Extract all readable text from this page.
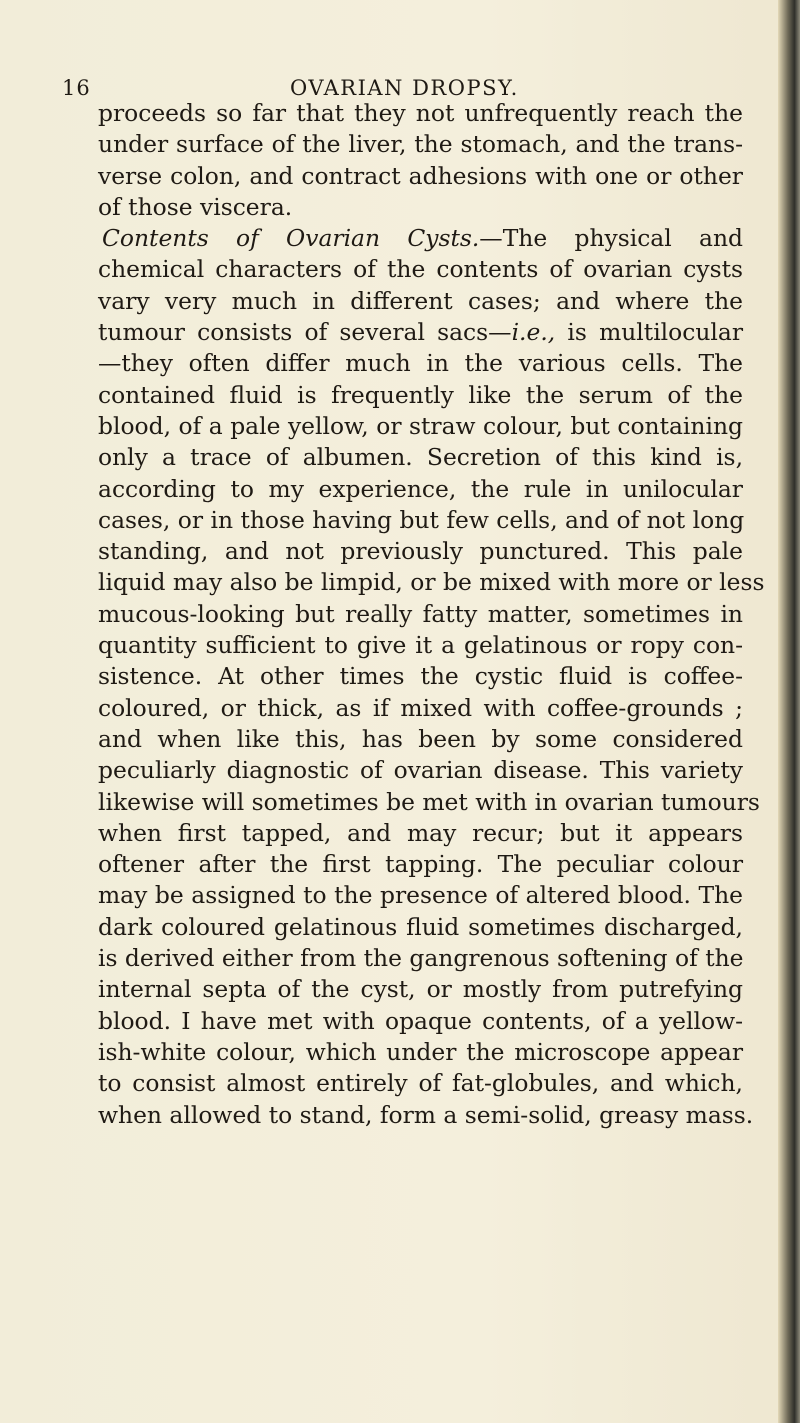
16	OVARIAN DROPSY.
proceeds so far that they not unfrequently reach the
under surface of the liver, the stomach, and the trans-
verse colon, and contract adhesions with one or other
of those viscera.
Contents of Ovarian Cysts.—The physical and
chemical characters of the contents of ovarian cysts
vary very much in different cases; and where the
tumour consists of several sacs—i.e., is multilocular
—they often differ much in the various cells. The
contained fluid is frequently like the serum of the
blood, of a pale yellow, or straw colour, but containing
only a trace of albumen. Secretion of this kind is,
according to my experience, the rule in unilocular
cases, or in those having but few cells, and of not long
standing, and not previously punctured. This pale
liquid may also be limpid, or be mixed with more or less
mucous-looking but really fatty matter, sometimes in
quantity sufficient to give it a gelatinous or ropy con-
sistence. At other times the cystic fluid is coffee-
coloured, or thick, as if mixed with coffee-grounds ;
and when like this, has been by some considered
peculiarly diagnostic of ovarian disease. This variety
likewise will sometimes be met with in ovarian tumours
when first tapped, and may recur; but it appears
oftener after the first tapping. The peculiar colour
may be assigned to the presence of altered blood. The
dark coloured gelatinous fluid sometimes discharged,
is derived either from the gangrenous softening of the
internal septa of the cyst, or mostly from putrefying
blood. I have met with opaque contents, of a yellow-
ish-white colour, which under the microscope appear
to consist almost entirely of fat-globules, and which,
when allowed to stand, form a semi-solid, greasy mass.
